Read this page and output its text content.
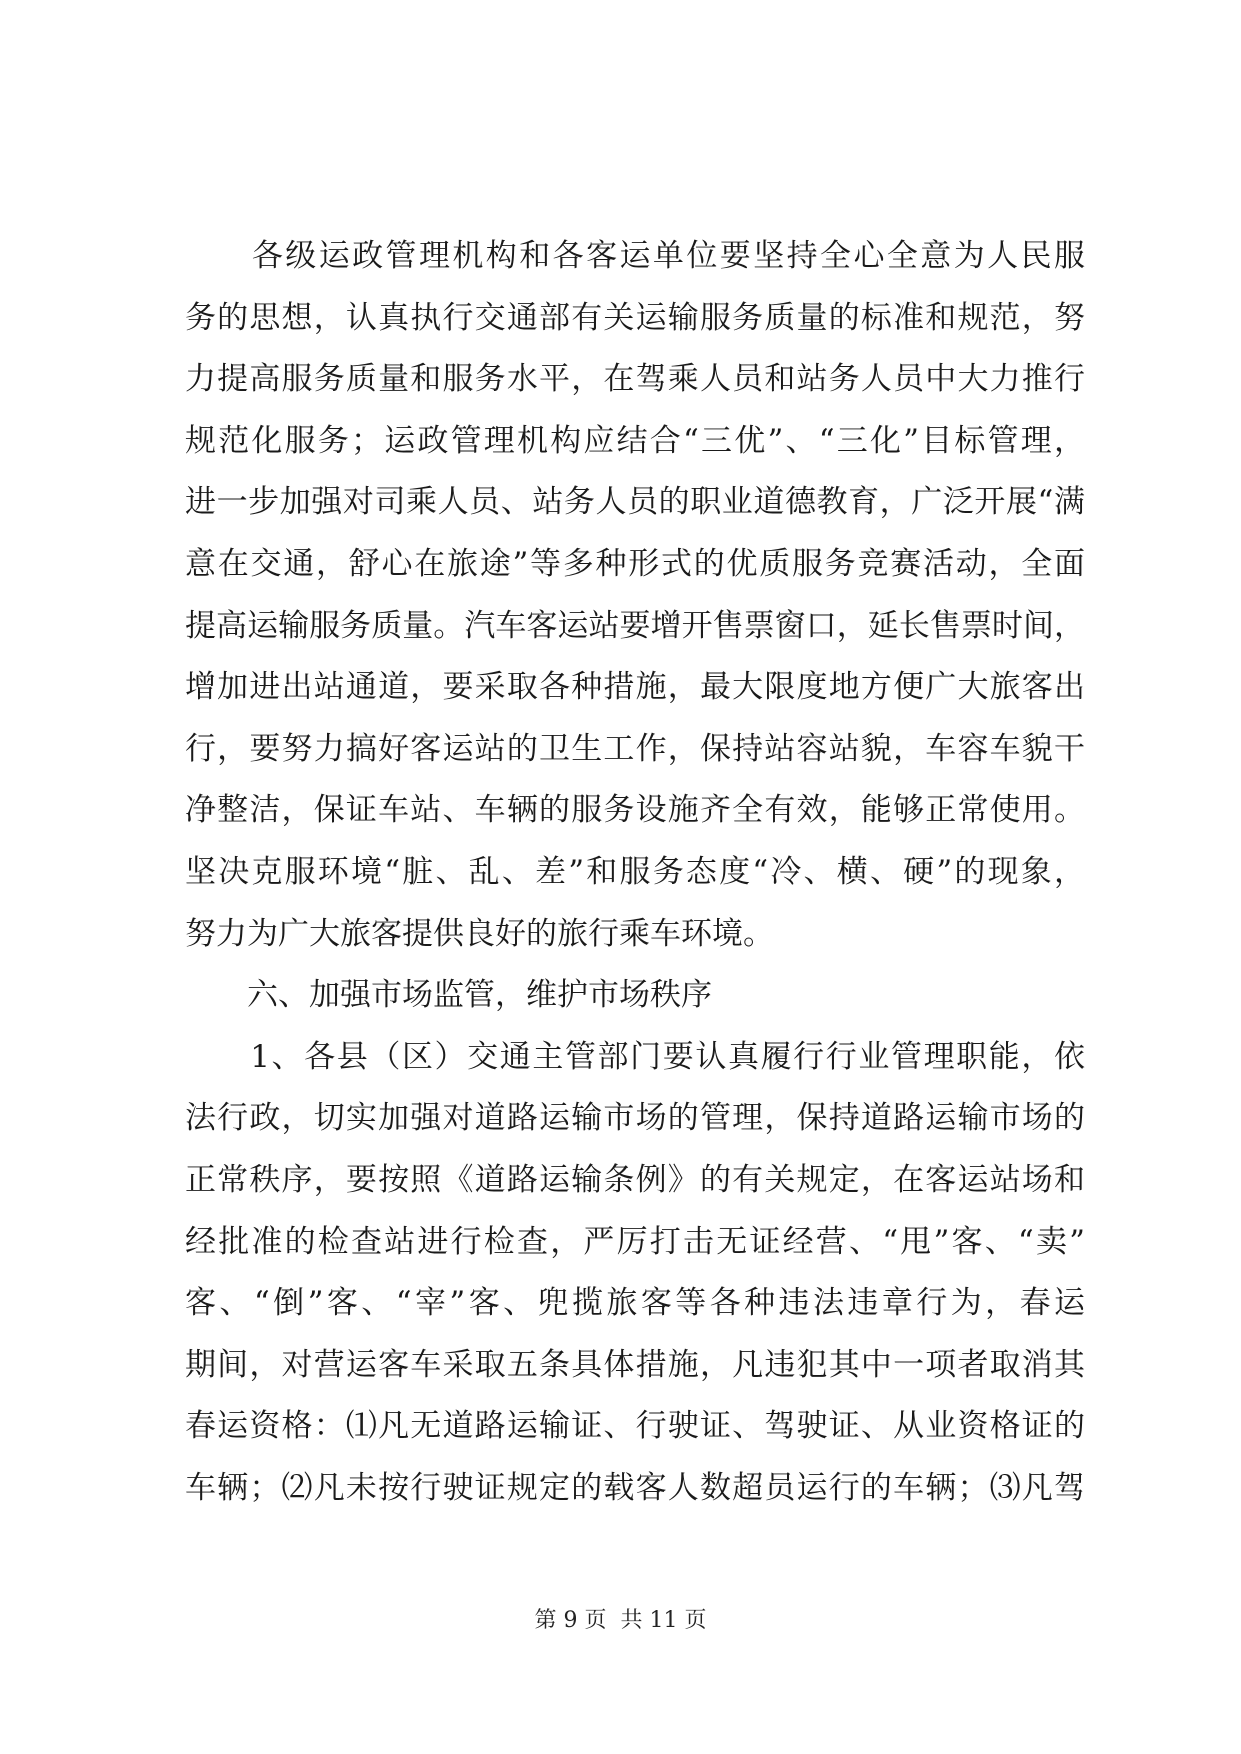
　　各级运政管理机构和各客运单位要坚持全心全意为人民服
务的思想，认真执行交通部有关运输服务质量的标准和规范，努
力提高服务质量和服务水平，在驾乘人员和站务人员中大力推行
规范化服务；运政管理机构应结合“三优”、“三化”目标管理，
进一步加强对司乘人员、站务人员的职业道德教育，广泛开展“满
意在交通，舒心在旅途”等多种形式的优质服务竞赛活动，全面
提高运输服务质量。汽车客运站要增开售票窗口，延长售票时间，
增加进出站通道，要采取各种措施，最大限度地方便广大旅客出
行，要努力搞好客运站的卫生工作，保持站容站貌，车容车貌干
净整洁，保证车站、车辆的服务设施齐全有效，能够正常使用。
坚决克服环境“脏、乱、差”和服务态度“冷、横、硬”的现象，
努力为广大旅客提供良好的旅行乘车环境。
　　六、加强市场监管，维护市场秩序
　　1、各县（区）交通主管部门要认真履行行业管理职能，依
法行政，切实加强对道路运输市场的管理，保持道路运输市场的
正常秩序，要按照《道路运输条例》的有关规定，在客运站场和
经批准的检查站进行检查，严厉打击无证经营、“甩”客、“卖”
客、“倒”客、“宰”客、兜揽旅客等各种违法违章行为，春运
期间，对营运客车采取五条具体措施，凡违犯其中一项者取消其
春运资格：⑴凡无道路运输证、行驶证、驾驶证、从业资格证的
车辆；⑵凡未按行驶证规定的载客人数超员运行的车辆；⑶凡驾
第 9 页  共 11 页
